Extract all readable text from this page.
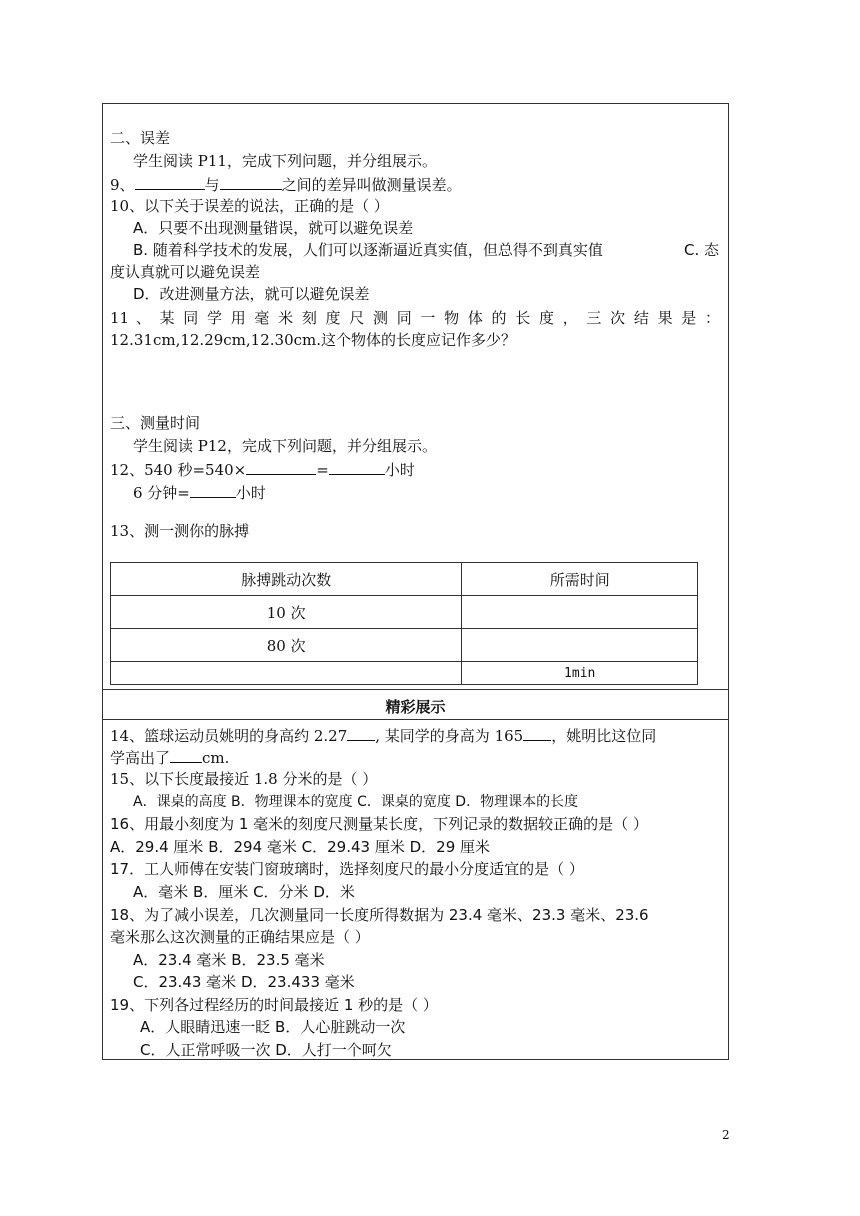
二、误差
学生阅读 P11，完成下列问题，并分组展示。
9、	与	之间的差异叫做测量误差。
10、以下关于误差的说法，正确的是（ ）
A．只要不出现测量错误，就可以避免误差
B. 随着科学技术的发展，人们可以逐渐逼近真实值，但总得不到真实值	C. 态
度认真就可以避免误差
D．改进测量方法，就可以避免误差
11 、 某 同 学 用 毫 米 刻 度 尺 测 同 一 物 体 的 长 度 ， 三 次 结 果 是 ：
12.31cm,12.29cm,12.30cm.这个物体的长度应记作多少？
三、测量时间
学生阅读 P12，完成下列问题，并分组展示。
12、540 秒=540×	=	小时
6 分钟=	小时
13、测一测你的脉搏
脉搏跳动次数	所需时间
10 次	
80 次	
	1min
精彩展示
14、篮球运动员姚明的身高约 2.27 , 某同学的身高为 165 ，姚明比这位同
学高出了 cm.
15、以下长度最接近 1.8 分米的是（ ）
A．课桌的高度 B．物理课本的宽度 C．课桌的宽度 D．物理课本的长度
16、用最小刻度为 1 毫米的刻度尺测量某长度，下列记录的数据较正确的是（ ）
A．29.4 厘米 B．294 毫米 C．29.43 厘米 D．29 厘米
17．工人师傅在安装门窗玻璃时，选择刻度尺的最小分度适宜的是（ ）
A．毫米 B．厘米 C．分米 D．米
18、为了减小误差，几次测量同一长度所得数据为 23.4 毫米、23.3 毫米、23.6
毫米那么这次测量的正确结果应是（ ）
A．23.4 毫米 B．23.5 毫米
C．23.43 毫米 D．23.433 毫米
19、下列各过程经历的时间最接近 1 秒的是（ ）
A．人眼睛迅速一眨 B．人心脏跳动一次
C．人正常呼吸一次 D．人打一个呵欠
2
